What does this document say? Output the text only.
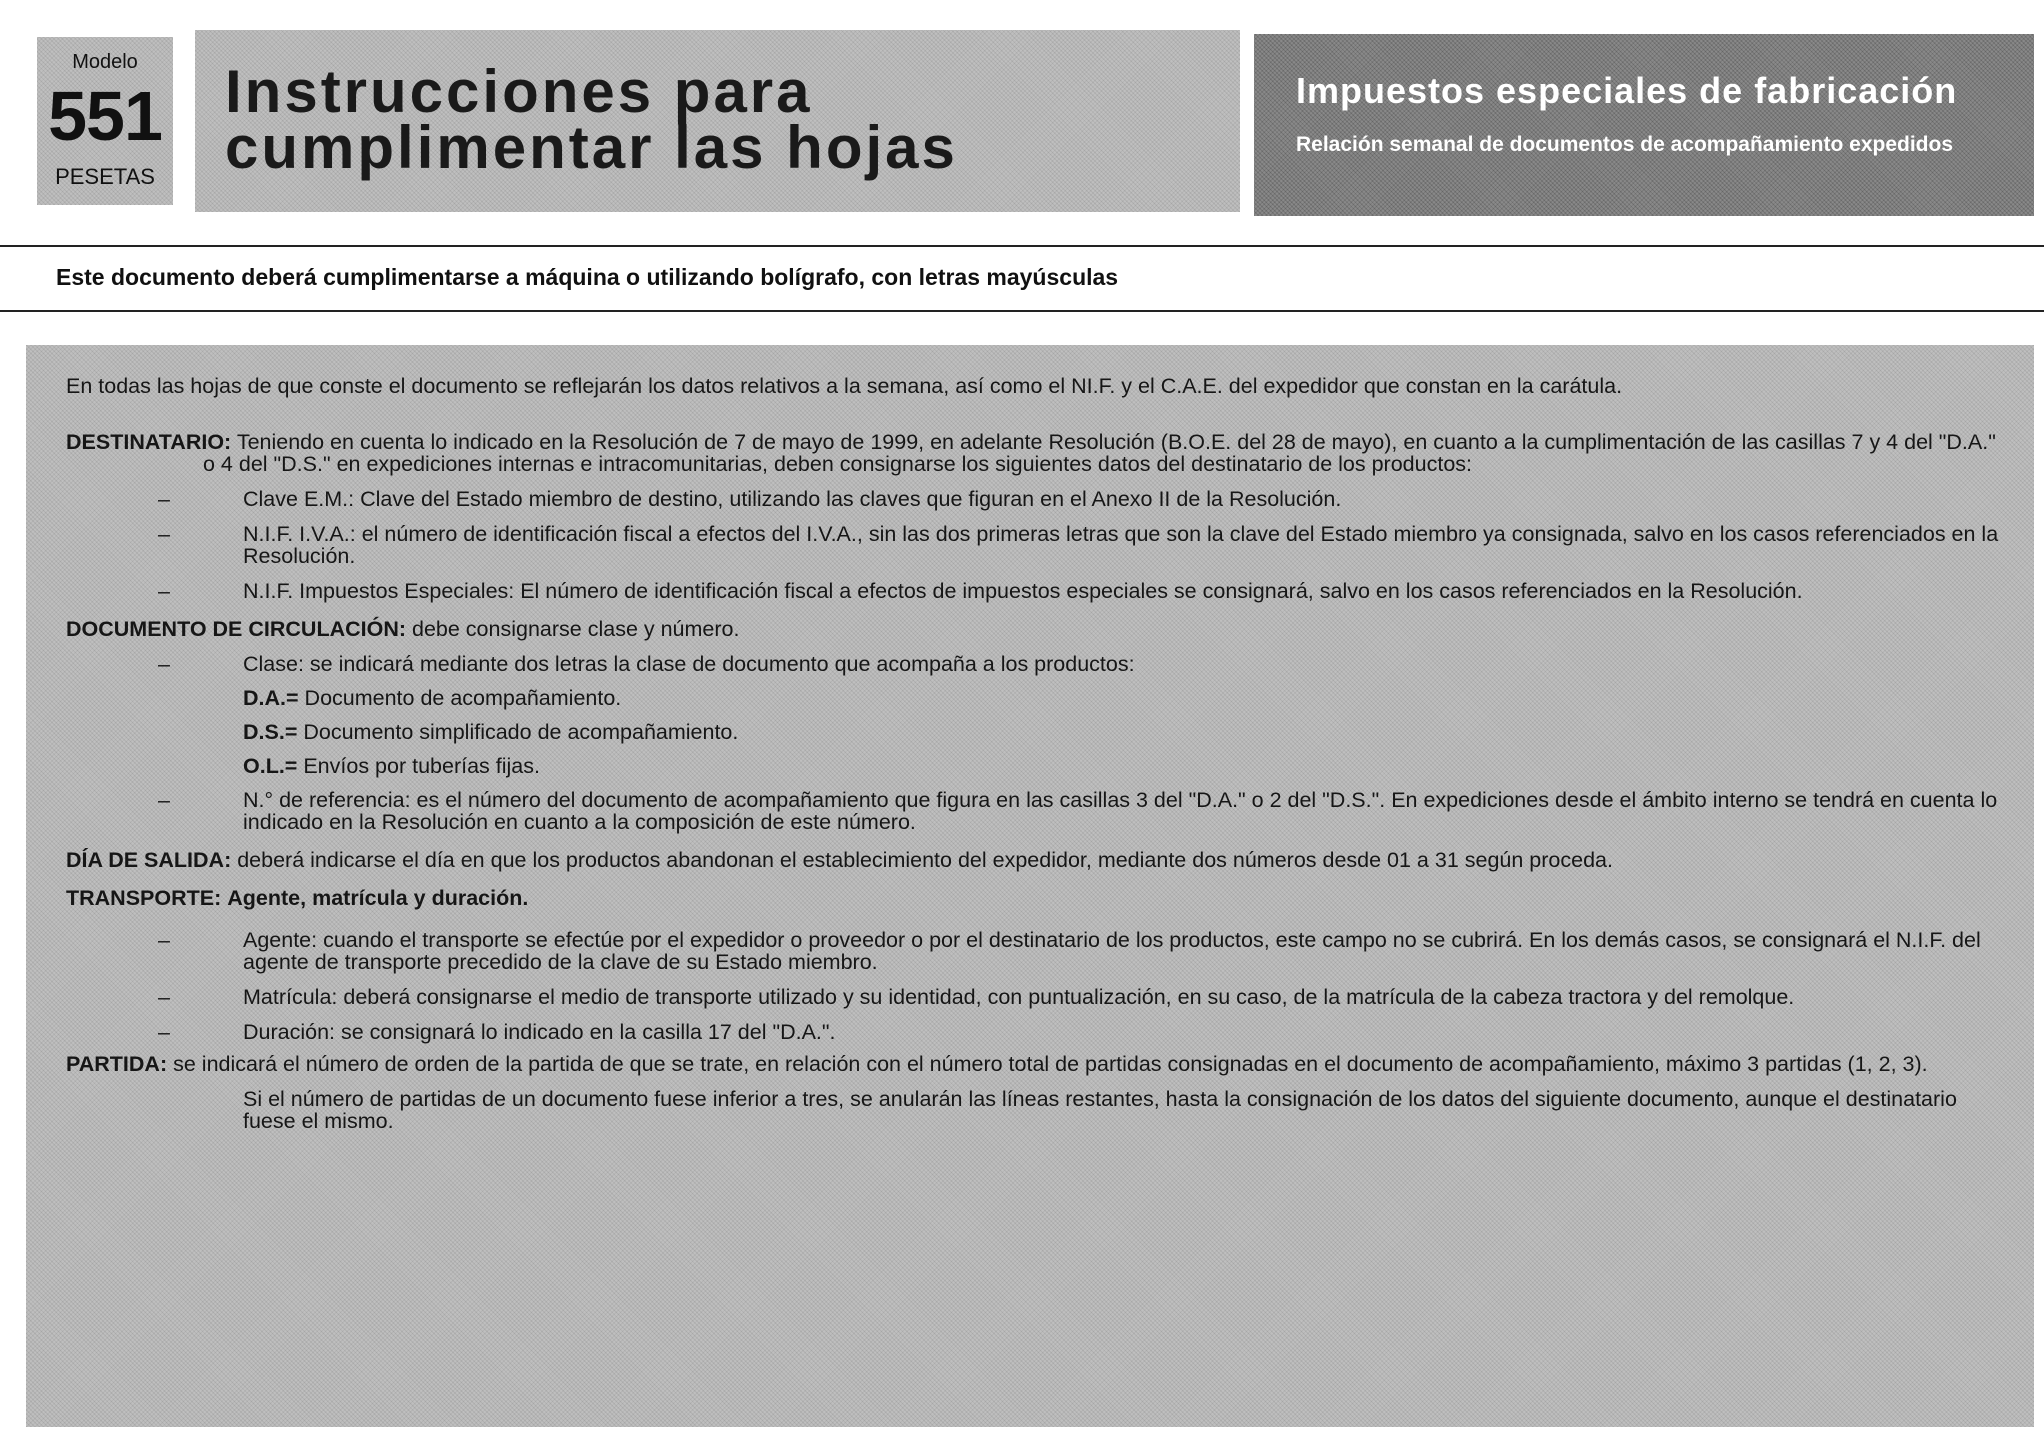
Modelo
551
PESETAS
Instrucciones para cumplimentar las hojas
Impuestos especiales de fabricación
Relación semanal de documentos de acompañamiento expedidos
Este documento deberá cumplimentarse a máquina o utilizando bolígrafo, con letras mayúsculas

En todas las hojas de que conste el documento se reflejarán los datos relativos a la semana, así como el NI.F. y el C.A.E. del expedidor que constan en la carátula.

DESTINATARIO: Teniendo en cuenta lo indicado en la Resolución de 7 de mayo de 1999, en adelante Resolución (B.O.E. del 28 de mayo), en cuanto a la cumplimentación de las casillas 7 y 4 del "D.A." o 4 del "D.S." en expediciones internas e intracomunitarias, deben consignarse los siguientes datos del destinatario de los productos:

–	Clave E.M.: Clave del Estado miembro de destino, utilizando las claves que figuran en el Anexo II de la Resolución.

–	N.I.F. I.V.A.: el número de identificación fiscal a efectos del I.V.A., sin las dos primeras letras que son la clave del Estado miembro ya consignada, salvo en los casos referenciados en la Resolución.

–	N.I.F. Impuestos Especiales: El número de identificación fiscal a efectos de impuestos especiales se consignará, salvo en los casos referenciados en la Resolución.

DOCUMENTO DE CIRCULACIÓN: debe consignarse clase y número.

–	Clase: se indicará mediante dos letras la clase de documento que acompaña a los productos:

D.A.= Documento de acompañamiento.

D.S.= Documento simplificado de acompañamiento.

O.L.= Envíos por tuberías fijas.

–	N.° de referencia: es el número del documento de acompañamiento que figura en las casillas 3 del "D.A." o 2 del "D.S.". En expediciones desde el ámbito interno se tendrá en cuenta lo indicado en la Resolución en cuanto a la composición de este número.

DÍA DE SALIDA: deberá indicarse el día en que los productos abandonan el establecimiento del expedidor, mediante dos números desde 01 a 31 según proceda.

TRANSPORTE: Agente, matrícula y duración.

–	Agente: cuando el transporte se efectúe por el expedidor o proveedor o por el destinatario de los productos, este campo no se cubrirá. En los demás casos, se consignará el N.I.F. del agente de transporte precedido de la clave de su Estado miembro.

–	Matrícula: deberá consignarse el medio de transporte utilizado y su identidad, con puntualización, en su caso, de la matrícula de la cabeza tractora y del remolque.

–	Duración: se consignará lo indicado en la casilla 17 del "D.A.".

PARTIDA: se indicará el número de orden de la partida de que se trate, en relación con el número total de partidas consignadas en el documento de acompañamiento, máximo 3 partidas (1, 2, 3).

Si el número de partidas de un documento fuese inferior a tres, se anularán las líneas restantes, hasta la consignación de los datos del siguiente documento, aunque el destinatario fuese el mismo.
